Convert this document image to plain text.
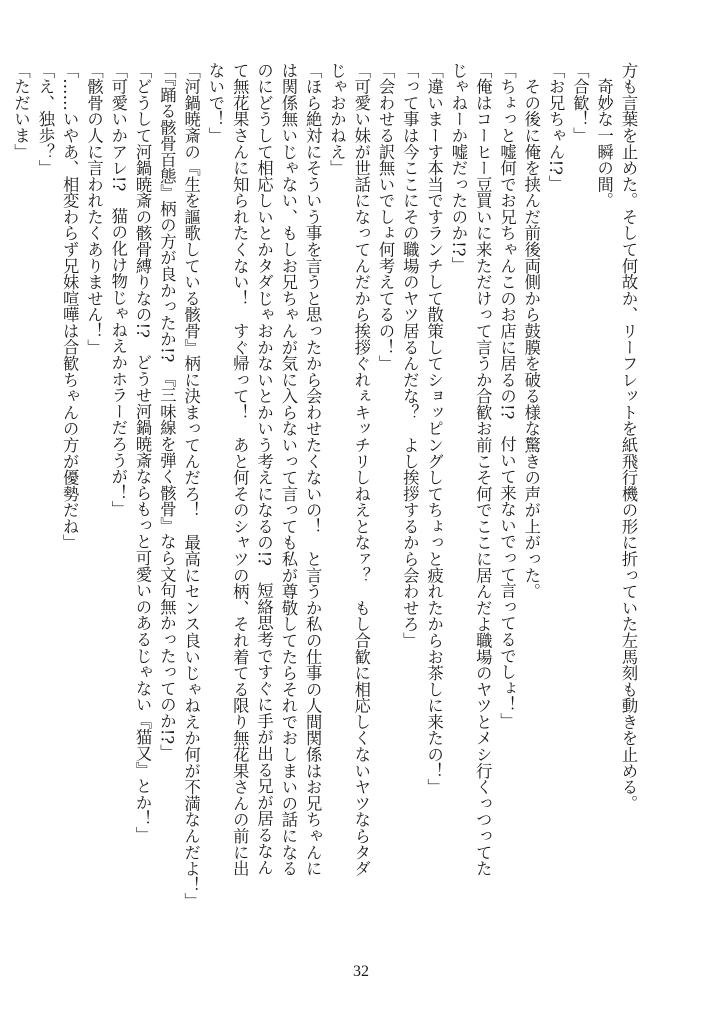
方も言葉を止めた。そして何故か、リーフレットを紙飛行機の形に折っていた左馬刻も動きを止める。
　奇妙な一瞬の間。
「合歓！」
「お兄ちゃん!?」
　その後に俺を挟んだ前後両側から鼓膜を破る様な驚きの声が上がった。
「ちょっと嘘何でお兄ちゃんこのお店に居るの!?　付いて来ないでって言ってるでしょ！」
「俺はコーヒー豆買いに来ただけって言うか合歓お前こそ何でここに居んだよ職場のヤツとメシ行くっつってた
じゃねーか嘘だったのか!?」
「違いまーす本当ですランチして散策してショッピングしてちょっと疲れたからお茶しに来たの！」
「って事は今ここにその職場のヤツ居るんだな？　よし挨拶するから会わせろ」
「会わせる訳無いでしょ何考えてるの！」
「可愛い妹が世話になってんだから挨拶ぐれぇキッチリしねえとなァ？　もし合歓に相応しくないヤツならタダ
じゃおかねえ」
「ほら絶対にそういう事を言うと思ったから会わせたくないの！　と言うか私の仕事の人間関係はお兄ちゃんに
は関係無いじゃない、もしお兄ちゃんが気に入らないって言っても私が尊敬してたらそれでおしまいの話になる
のにどうして相応しいとかタダじゃおかないとかいう考えになるの!?　短絡思考ですぐに手が出る兄が居るなん
て無花果さんに知られたくない！　すぐ帰って！　あと何そのシャツの柄、それ着てる限り無花果さんの前に出
ないで！」
「河鍋暁斎の『生を謳歌している骸骨』柄に決まってんだろ！　最高にセンス良いじゃねえか何が不満なんだよ！」
「『踊る骸骨百態』柄の方が良かったか!?　『三味線を弾く骸骨』なら文句無かったってのか!?」
「どうして河鍋暁斎の骸骨縛りなの!?　どうせ河鍋暁斎ならもっと可愛いのあるじゃない『猫又』とか！」
「可愛いかアレ!?　猫の化け物じゃねえかホラーだろうが！」
「骸骨の人に言われたくありません！」
「……いやあ、相変わらず兄妹喧嘩は合歓ちゃんの方が優勢だね」
「え、独歩？」
「ただいま」
32
